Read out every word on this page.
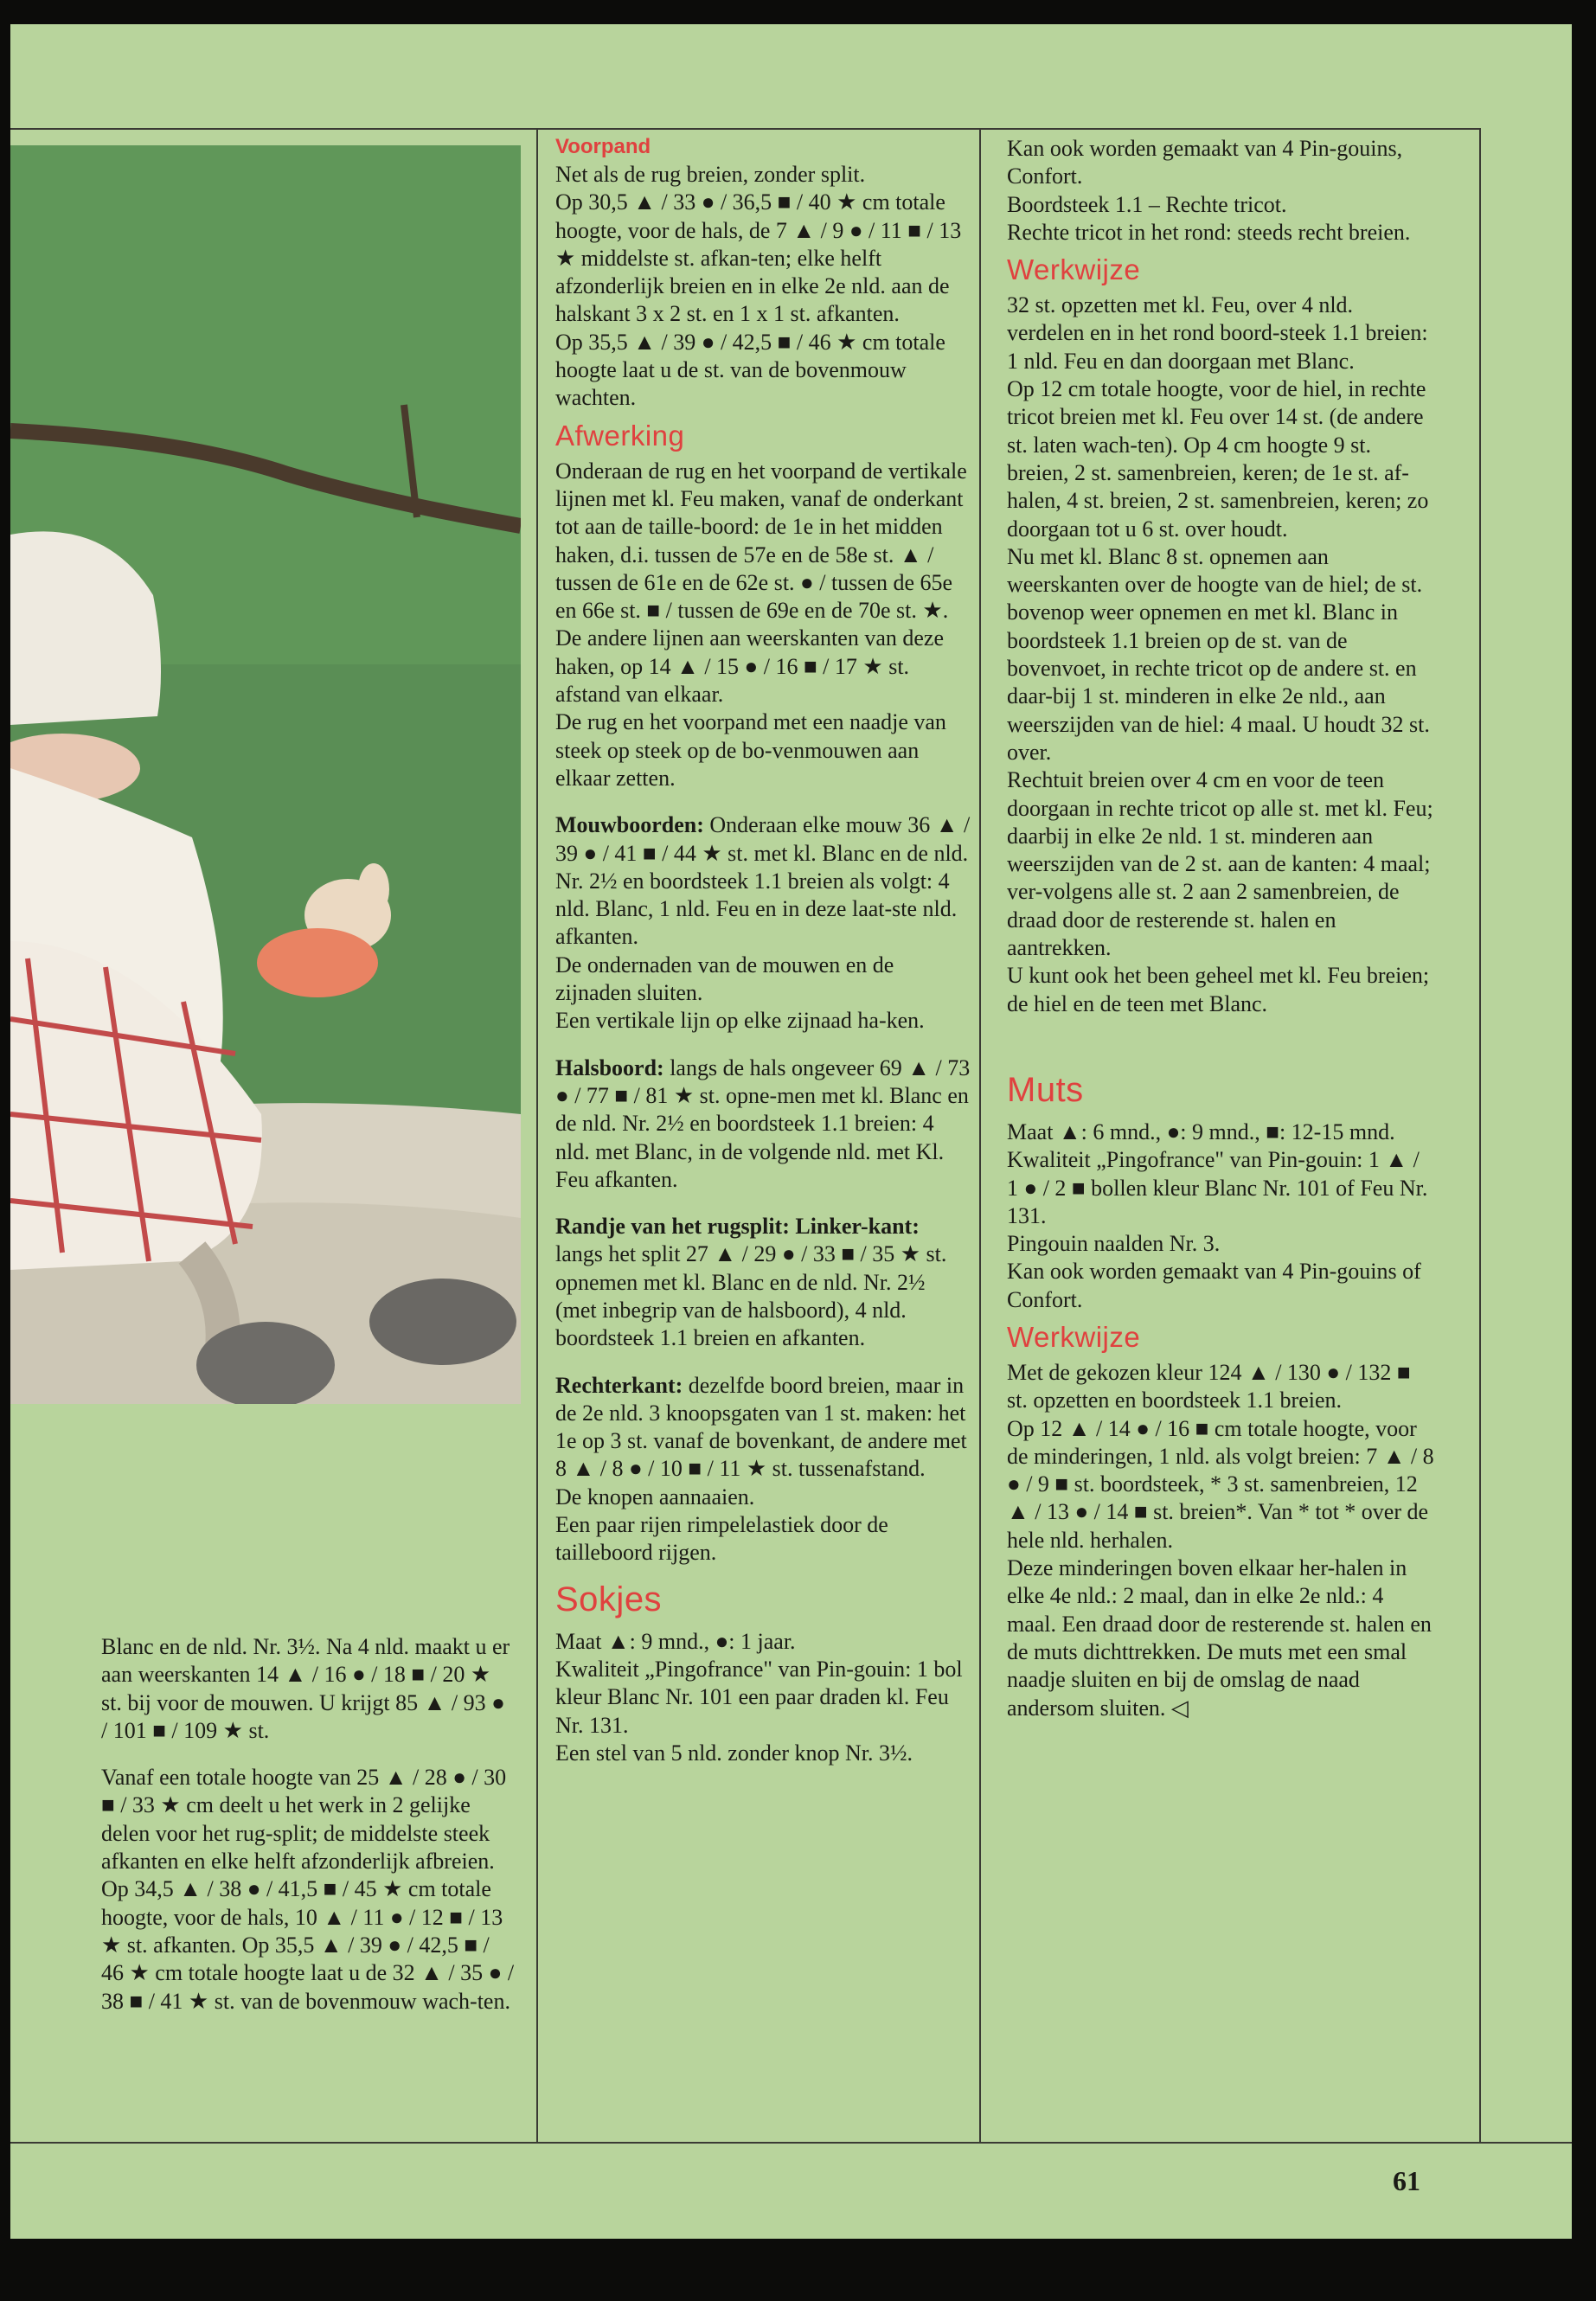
Blanc en de nld. Nr. 3½. Na 4 nld. maakt u er aan weerskanten 14 ▲ / 16 ● / 18 ■ / 20 ★ st. bij voor de mouwen. U krijgt 85 ▲ / 93 ● / 101 ■ / 109 ★ st.

Vanaf een totale hoogte van 25 ▲ / 28 ● / 30 ■ / 33 ★ cm deelt u het werk in 2 gelijke delen voor het rug-split; de middelste steek afkanten en elke helft afzonderlijk afbreien.

Op 34,5 ▲ / 38 ● / 41,5 ■ / 45 ★ cm totale hoogte, voor de hals, 10 ▲ / 11 ● / 12 ■ / 13 ★ st. afkanten. Op 35,5 ▲ / 39 ● / 42,5 ■ / 46 ★ cm totale hoogte laat u de 32 ▲ / 35 ● / 38 ■ / 41 ★ st. van de bovenmouw wach-ten.

Voorpand

Net als de rug breien, zonder split.

Op 30,5 ▲ / 33 ● / 36,5 ■ / 40 ★ cm totale hoogte, voor de hals, de 7 ▲ / 9 ● / 11 ■ / 13 ★ middelste st. afkan-ten; elke helft afzonderlijk breien en in elke 2e nld. aan de halskant 3 x 2 st. en 1 x 1 st. afkanten.

Op 35,5 ▲ / 39 ● / 42,5 ■ / 46 ★ cm totale hoogte laat u de st. van de bovenmouw wachten.

Afwerking

Onderaan de rug en het voorpand de vertikale lijnen met kl. Feu maken, vanaf de onderkant tot aan de taille-boord: de 1e in het midden haken, d.i. tussen de 57e en de 58e st. ▲ / tussen de 61e en de 62e st. ● / tussen de 65e en 66e st. ■ / tussen de 69e en de 70e st. ★. De andere lijnen aan weerskanten van deze haken, op 14 ▲ / 15 ● / 16 ■ / 17 ★ st. afstand van elkaar.

De rug en het voorpand met een naadje van steek op steek op de bo-venmouwen aan elkaar zetten.

Mouwboorden: Onderaan elke mouw 36 ▲ / 39 ● / 41 ■ / 44 ★ st. met kl. Blanc en de nld. Nr. 2½ en boordsteek 1.1 breien als volgt: 4 nld. Blanc, 1 nld. Feu en in deze laat-ste nld. afkanten.

De ondernaden van de mouwen en de zijnaden sluiten.

Een vertikale lijn op elke zijnaad ha-ken.

Halsboord: langs de hals ongeveer 69 ▲ / 73 ● / 77 ■ / 81 ★ st. opne-men met kl. Blanc en de nld. Nr. 2½ en boordsteek 1.1 breien: 4 nld. met Blanc, in de volgende nld. met Kl. Feu afkanten.

Randje van het rugsplit: Linker-kant: langs het split 27 ▲ / 29 ● / 33 ■ / 35 ★ st. opnemen met kl. Blanc en de nld. Nr. 2½ (met inbegrip van de halsboord), 4 nld. boordsteek 1.1 breien en afkanten.

Rechterkant: dezelfde boord breien, maar in de 2e nld. 3 knoopsgaten van 1 st. maken: het 1e op 3 st. vanaf de bovenkant, de andere met 8 ▲ / 8 ● / 10 ■ / 11 ★ st. tussenafstand.

De knopen aannaaien.

Een paar rijen rimpelelastiek door de tailleboord rijgen.

Sokjes

Maat ▲: 9 mnd., ●: 1 jaar.

Kwaliteit „Pingofrance" van Pin-gouin: 1 bol kleur Blanc Nr. 101 een paar draden kl. Feu Nr. 131.

Een stel van 5 nld. zonder knop Nr. 3½.

Kan ook worden gemaakt van 4 Pin-gouins, Confort.

Boordsteek 1.1 – Rechte tricot.

Rechte tricot in het rond: steeds recht breien.

Werkwijze

32 st. opzetten met kl. Feu, over 4 nld. verdelen en in het rond boord-steek 1.1 breien: 1 nld. Feu en dan doorgaan met Blanc.

Op 12 cm totale hoogte, voor de hiel, in rechte tricot breien met kl. Feu over 14 st. (de andere st. laten wach-ten). Op 4 cm hoogte 9 st. breien, 2 st. samenbreien, keren; de 1e st. af-halen, 4 st. breien, 2 st. samenbreien, keren; zo doorgaan tot u 6 st. over houdt.

Nu met kl. Blanc 8 st. opnemen aan weerskanten over de hoogte van de hiel; de st. bovenop weer opnemen en met kl. Blanc in boordsteek 1.1 breien op de st. van de bovenvoet, in rechte tricot op de andere st. en daar-bij 1 st. minderen in elke 2e nld., aan weerszijden van de hiel: 4 maal. U houdt 32 st. over.

Rechtuit breien over 4 cm en voor de teen doorgaan in rechte tricot op alle st. met kl. Feu; daarbij in elke 2e nld. 1 st. minderen aan weerszijden van de 2 st. aan de kanten: 4 maal; ver-volgens alle st. 2 aan 2 samenbreien, de draad door de resterende st. halen en aantrekken.

U kunt ook het been geheel met kl. Feu breien; de hiel en de teen met Blanc.

Muts

Maat ▲: 6 mnd., ●: 9 mnd., ■: 12-15 mnd.

Kwaliteit „Pingofrance" van Pin-gouin: 1 ▲ / 1 ● / 2 ■ bollen kleur Blanc Nr. 101 of Feu Nr. 131.

Pingouin naalden Nr. 3.

Kan ook worden gemaakt van 4 Pin-gouins of Confort.

Werkwijze

Met de gekozen kleur 124 ▲ / 130 ● / 132 ■ st. opzetten en boordsteek 1.1 breien.

Op 12 ▲ / 14 ● / 16 ■ cm totale hoogte, voor de minderingen, 1 nld. als volgt breien: 7 ▲ / 8 ● / 9 ■ st. boordsteek, * 3 st. samenbreien, 12 ▲ / 13 ● / 14 ■ st. breien*. Van * tot * over de hele nld. herhalen.

Deze minderingen boven elkaar her-halen in elke 4e nld.: 2 maal, dan in elke 2e nld.: 4 maal. Een draad door de resterende st. halen en de muts dichttrekken. De muts met een smal naadje sluiten en bij de omslag de naad andersom sluiten. ◁

61
